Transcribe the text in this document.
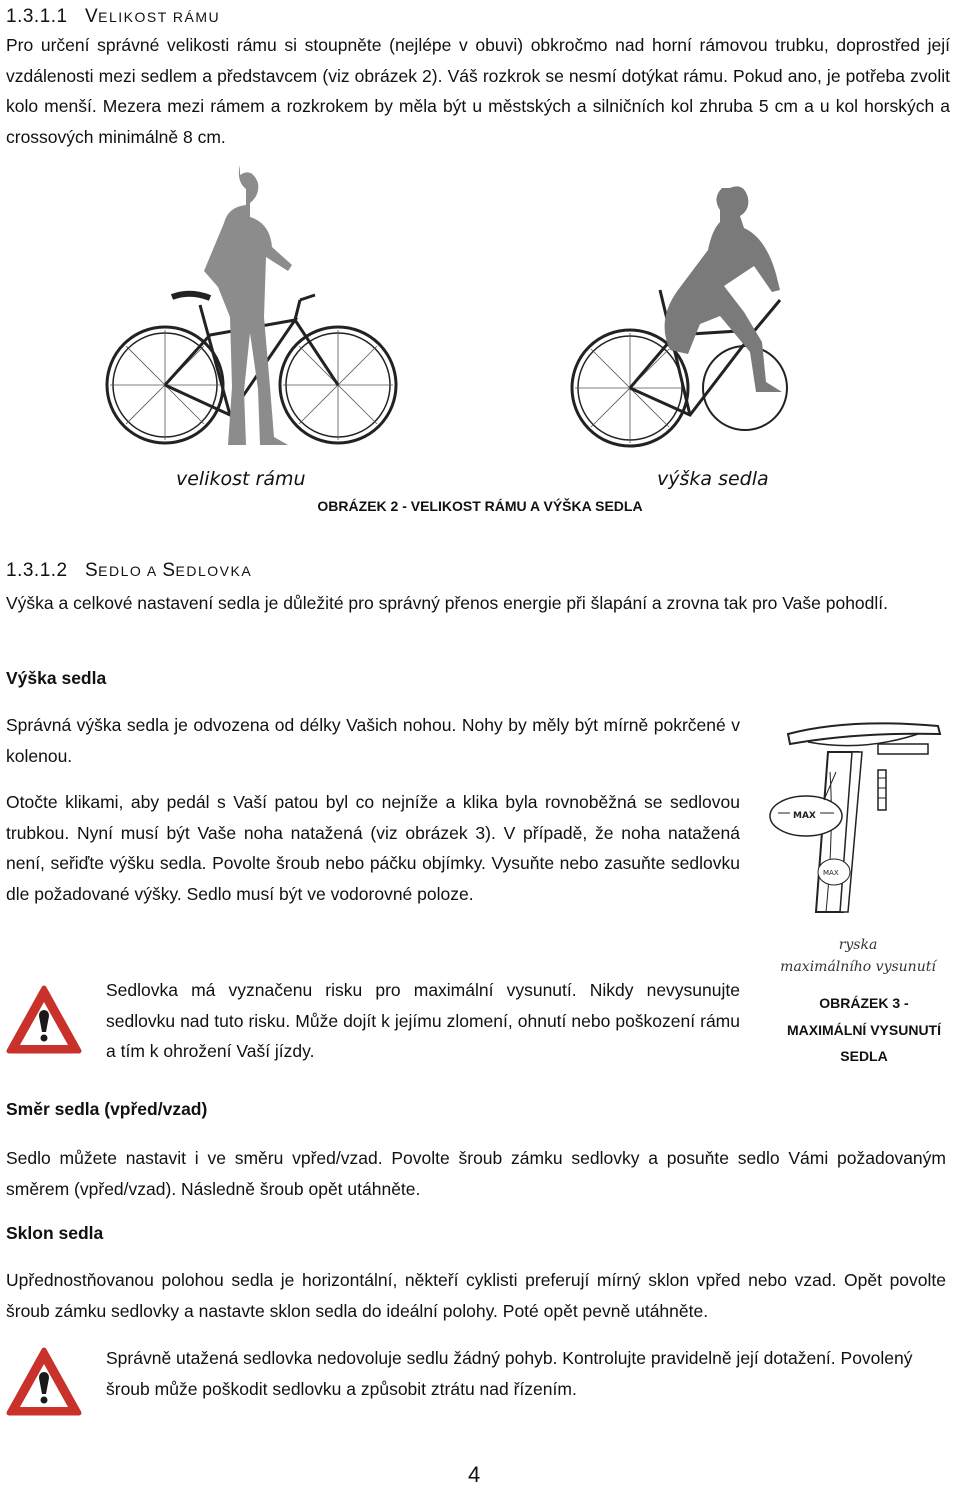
1.3.1.1 VELIKOST RÁMU
Pro určení správné velikosti rámu si stoupněte (nejlépe v obuvi) obkročmo nad horní rámovou trubku, doprostřed její vzdálenosti mezi sedlem a představcem (viz obrázek 2). Váš rozkrok se nesmí dotýkat rámu. Pokud ano, je potřeba zvolit kolo menší. Mezera mezi rámem a rozkrokem by měla být u městských a silničních kol zhruba 5 cm a u kol horských a crossových minimálně 8 cm.
velikost rámu	výška sedla
OBRÁZEK 2 - VELIKOST RÁMU A VÝŠKA SEDLA
1.3.1.2 SEDLO A SEDLOVKA
Výška a celkové nastavení sedla je důležité pro správný přenos energie při šlapání a zrovna tak pro Vaše pohodlí.
Výška sedla
Správná výška sedla je odvozena od délky Vašich nohou. Nohy by měly být mírně pokrčené v kolenou.
Otočte klikami, aby pedál s Vaší patou byl co nejníže a klika byla rovnoběžná se sedlovou trubkou. Nyní musí být Vaše noha natažená (viz obrázek 3). V případě, že noha natažená není, seřiďte výšku sedla. Povolte šroub nebo páčku objímky. Vysuňte nebo zasuňte sedlovku dle požadované výšky. Sedlo musí být ve vodorovné poloze.
Sedlovka má vyznačenu risku pro maximální vysunutí. Nikdy nevysunujte sedlovku nad tuto risku. Může dojít k jejímu zlomení, ohnutí nebo poškození rámu a tím k ohrožení Vaší jízdy.
MAX
MAX
ryska
maximálního vysunutí
OBRÁZEK 3 -
MAXIMÁLNÍ VYSUNUTÍ
SEDLA
Směr sedla (vpřed/vzad)
Sedlo můžete nastavit i ve směru vpřed/vzad. Povolte šroub zámku sedlovky a posuňte sedlo Vámi požadovaným směrem (vpřed/vzad). Následně šroub opět utáhněte.
Sklon sedla
Upřednostňovanou polohou sedla je horizontální, někteří cyklisti preferují mírný sklon vpřed nebo vzad. Opět povolte šroub zámku sedlovky a nastavte sklon sedla do ideální polohy. Poté opět pevně utáhněte.
Správně utažená sedlovka nedovoluje sedlu žádný pohyb. Kontrolujte pravidelně její dotažení. Povolený šroub může poškodit sedlovku a způsobit ztrátu nad řízením.
4
